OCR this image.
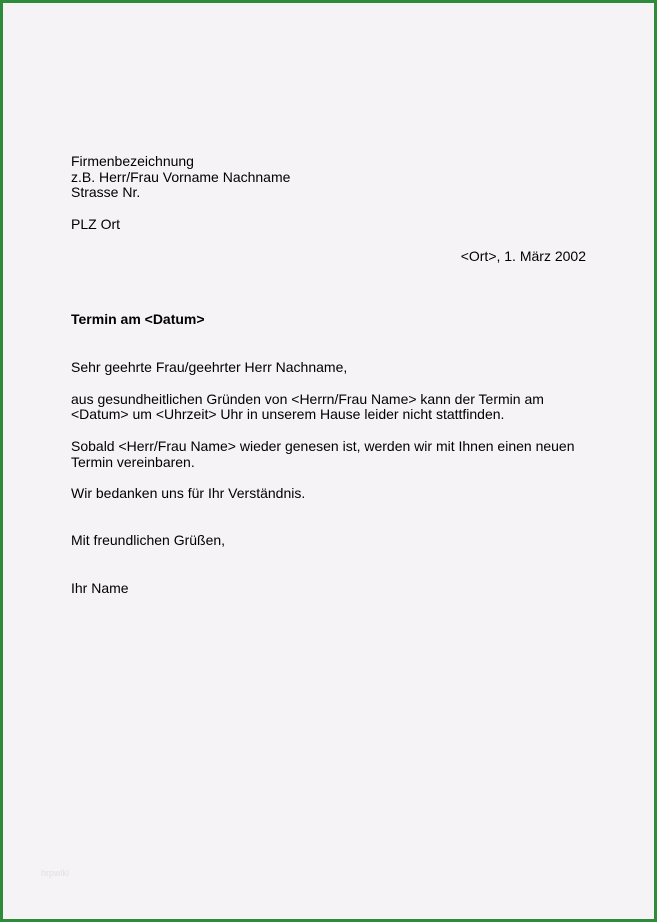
Firmenbezeichnung
z.B. Herr/Frau Vorname Nachname
Strasse Nr.
PLZ Ort
<Ort>, 1. März 2002
Termin am <Datum>
Sehr geehrte Frau/geehrter Herr Nachname,
aus gesundheitlichen Gründen von <Herrn/Frau Name> kann der Termin am
<Datum> um <Uhrzeit> Uhr in unserem Hause leider nicht stattfinden.
Sobald <Herr/Frau Name> wieder genesen ist, werden wir mit Ihnen einen neuen
Termin vereinbaren.
Wir bedanken uns für Ihr Verständnis.
Mit freundlichen Grüßen,
Ihr Name
hrpwiki
